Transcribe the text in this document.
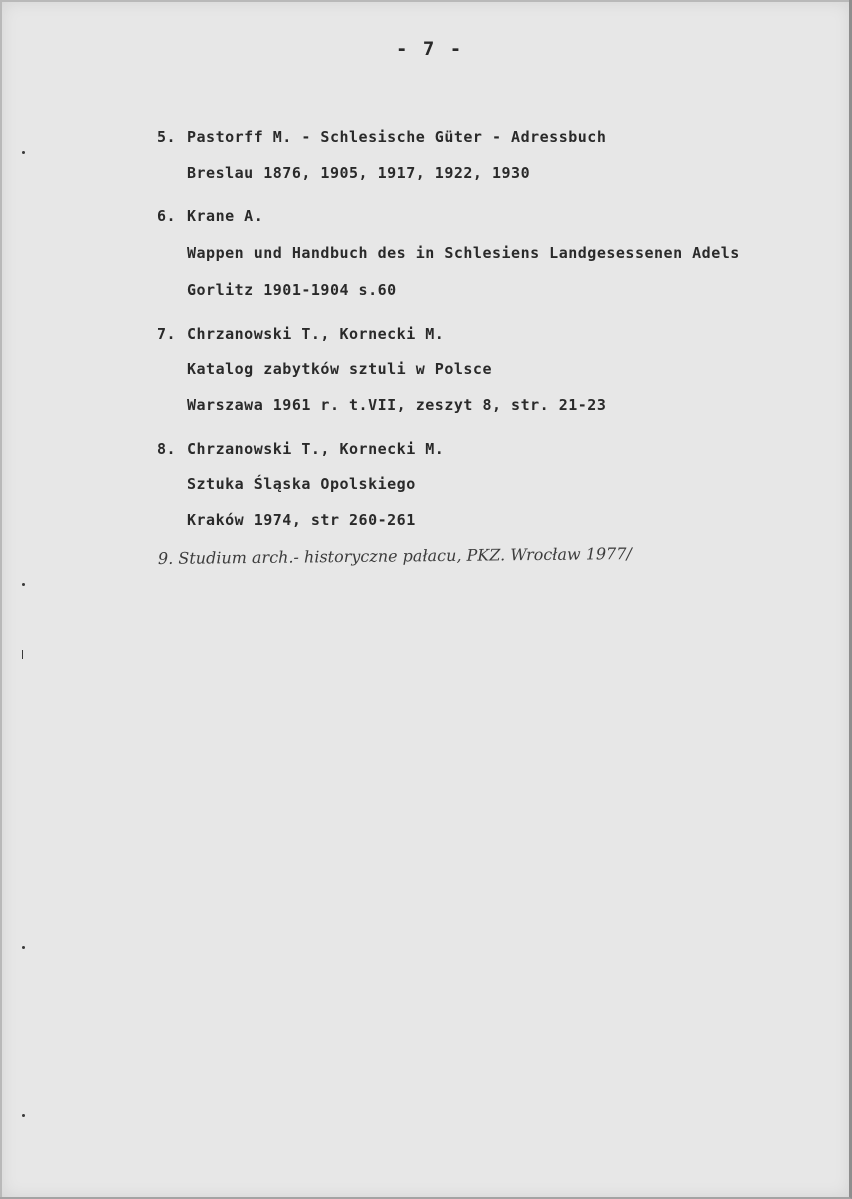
- 7 -
5. Pastorff M. - Schlesische Güter - Adressbuch
Breslau 1876, 1905, 1917, 1922, 1930
6. Krane A.
Wappen und Handbuch des in Schlesiens Landgesessenen Adels
Gorlitz 1901-1904 s.60
7. Chrzanowski T., Kornecki M.
Katalog zabytków sztuli w Polsce
Warszawa 1961 r. t.VII, zeszyt 8, str. 21-23
8. Chrzanowski T., Kornecki M.
Sztuka Śląska Opolskiego
Kraków 1974, str 260-261
9. Studium arch.- historyczne pałacu, PKZ. Wrocław 1977/
